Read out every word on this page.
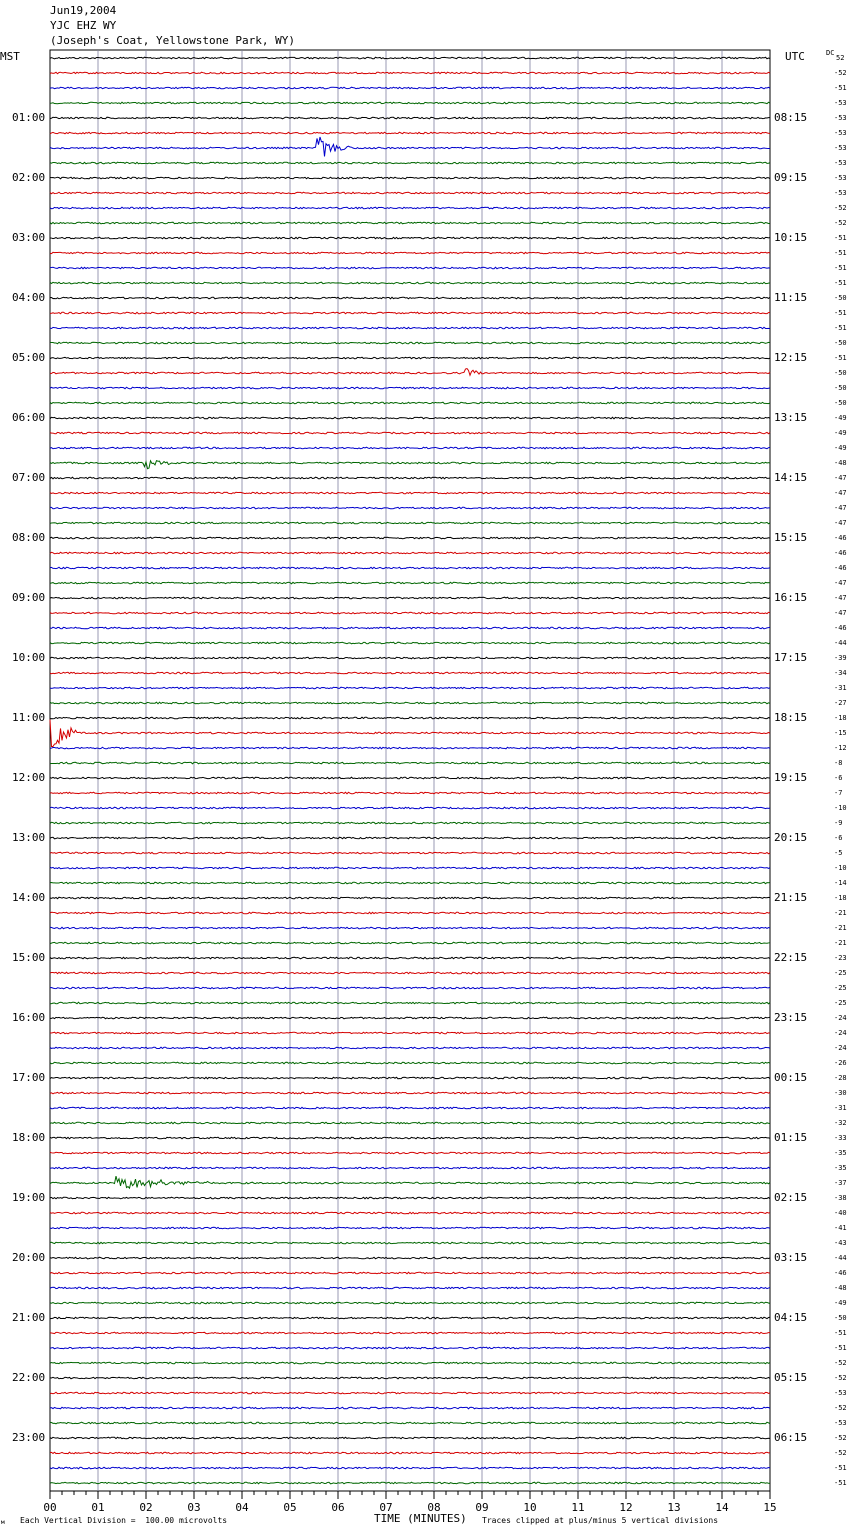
Jun19,2004
YJC EHZ WY
(Joseph's Coat, Yellowstone Park, WY)
MST	UTC	DC
00	01	02	03	04	05	06	07	08	09	10	11	12	13	14	15
01:00
02:00
03:00
04:00
05:00
06:00
07:00
08:00
09:00
10:00
11:00
12:00
13:00
14:00
15:00
16:00
17:00
18:00
19:00
20:00
21:00
22:00
23:00
08:15
09:15
10:15
11:15
12:15
13:15
14:15
15:15
16:15
17:15
18:15
19:15
20:15
21:15
22:15
23:15
00:15
01:15
02:15
03:15
04:15
05:15
06:15
52
-52
-51
-53
-53
-53
-53
-53
-53
-53
-52
-52
-51
-51
-51
-51
-50
-51
-51
-50
-51
-50
-50
-50
-49
-49
-49
-48
-47
-47
-47
-47
-46
-46
-46
-47
-47
-47
-46
-44
-39
-34
-31
-27
-18
-15
-12
-8
-6
-7
-10
-9
-6
-5
-10
-14
-18
-21
-21
-21
-23
-25
-25
-25
-24
-24
-24
-26
-28
-30
-31
-32
-33
-35
-35
-37
-38
-40
-41
-43
-44
-46
-48
-49
-50
-51
-51
-52
-52
-53
-52
-53
-52
-52
-51
-51
Each Vertical Division =  100.00 microvolts	TIME (MINUTES) Traces clipped at plus/minus 5 vertical divisions
м
